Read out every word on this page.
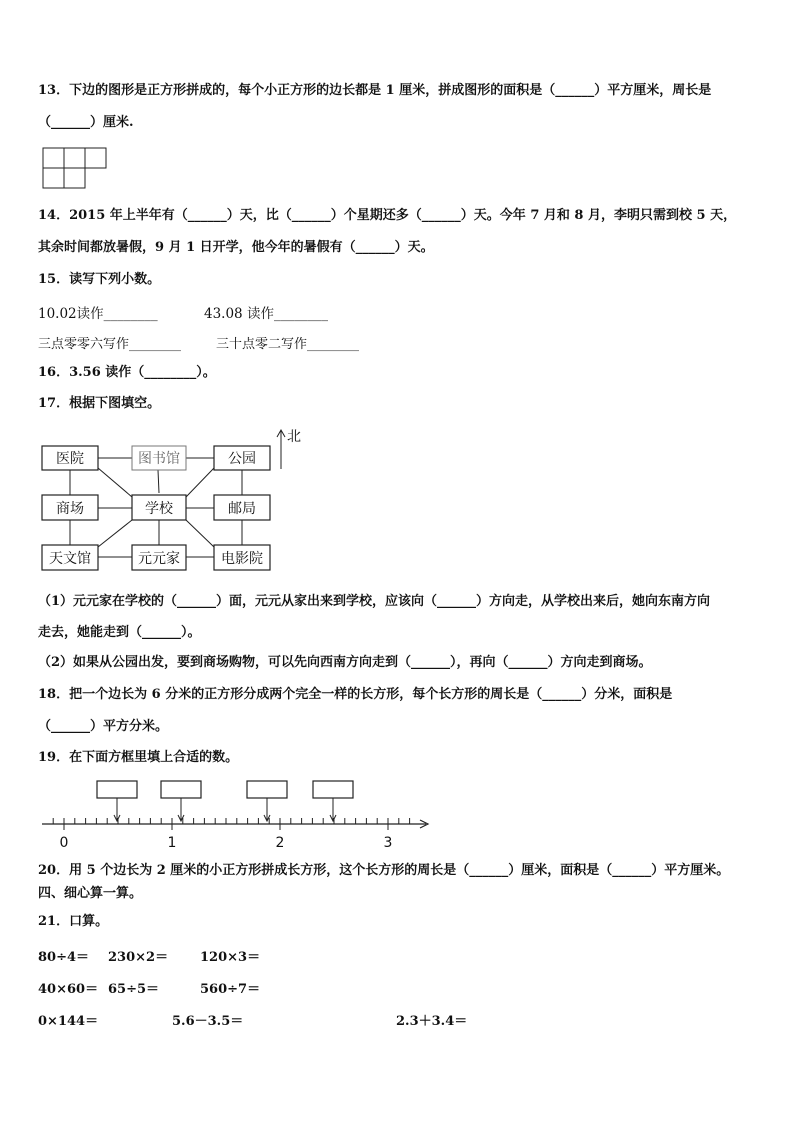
13．下边的图形是正方形拼成的，每个小正方形的边长都是 1 厘米，拼成图形的面积是（______）平方厘米，周长是
（______）厘米.
14．2015 年上半年有（______）天，比（______）个星期还多（______）天。今年 7 月和 8 月，李明只需到校 5 天，
其余时间都放暑假，9 月 1 日开学，他今年的暑假有（______）天。
15．读写下列小数。
10.02读作________	43.08 读作________
三点零零六写作________	三十点零二写作________
16．3.56 读作（________）。
17．根据下图填空。
医院	图书馆	公园
商场	学校	邮局
天文馆	元元家	电影院
北
（1）元元家在学校的（______）面，元元从家出来到学校，应该向（______）方向走，从学校出来后，她向东南方向
走去，她能走到（______）。
（2）如果从公园出发，要到商场购物，可以先向西南方向走到（______），再向（______）方向走到商场。
18．把一个边长为 6 分米的正方形分成两个完全一样的长方形，每个长方形的周长是（______）分米，面积是
（______）平方分米。
19．在下面方框里填上合适的数。
0	1	2	3
20．用 5 个边长为 2 厘米的小正方形拼成长方形，这个长方形的周长是（______）厘米，面积是（______）平方厘米。
四、细心算一算。
21．口算。
80÷4＝ 230×2＝ 120×3＝
40×60＝ 65÷5＝	560÷7＝
0×144＝	5.6－3.5＝	2.3＋3.4＝
